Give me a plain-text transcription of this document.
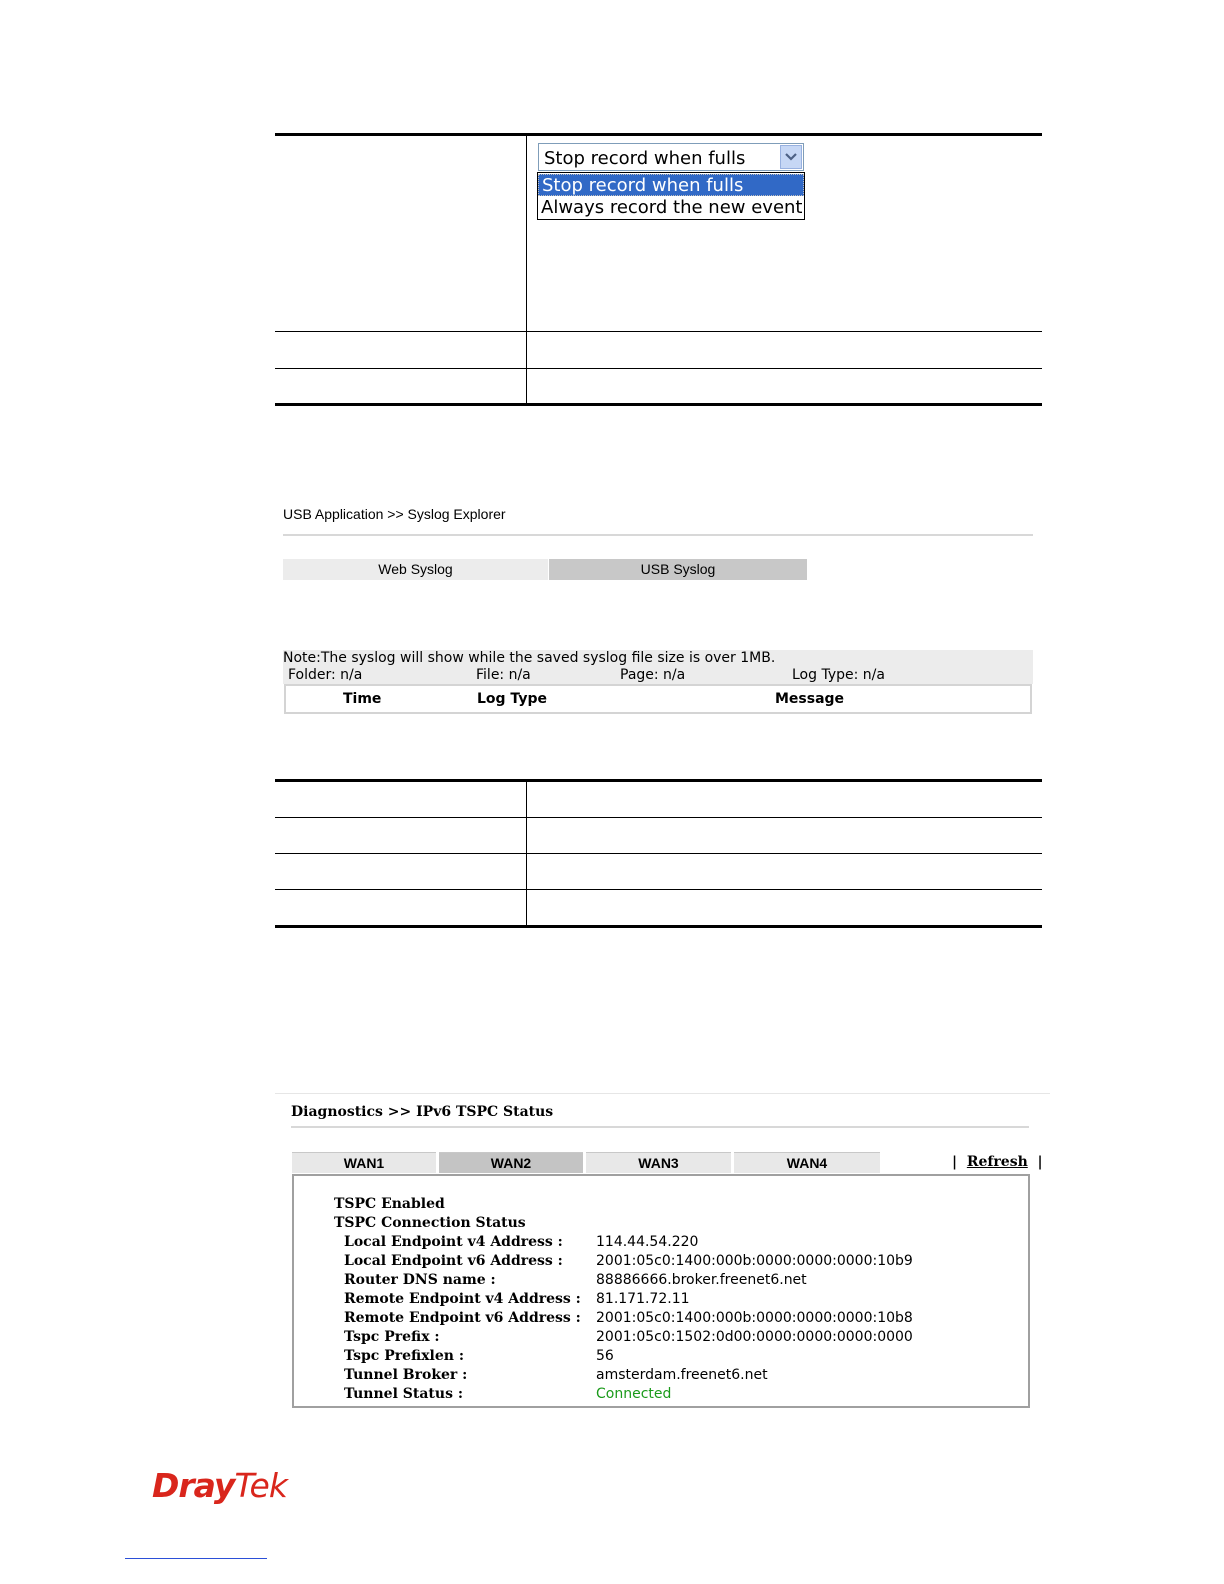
Stop record when fulls
Stop record when fulls
Always record the new event
USB Application >> Syslog Explorer
Web Syslog	USB Syslog
Note:The syslog will show while the saved syslog file size is over 1MB.
Folder: n/a	File: n/a	Page: n/a	Log Type: n/a
Time	Log Type	Message
Diagnostics >> IPv6 TSPC Status
WAN1	WAN2	WAN3	WAN4	| Refresh |
TSPC Enabled
TSPC Connection Status
Local Endpoint v4 Address : 114.44.54.220
Local Endpoint v6 Address : 2001:05c0:1400:000b:0000:0000:0000:10b9
Router DNS name :	88886666.broker.freenet6.net
Remote Endpoint v4 Address : 81.171.72.11
Remote Endpoint v6 Address : 2001:05c0:1400:000b:0000:0000:0000:10b8
Tspc Prefix :	2001:05c0:1502:0d00:0000:0000:0000:0000
Tspc Prefixlen :	56
Tunnel Broker :	amsterdam.freenet6.net
Tunnel Status :	Connected
DrayTek
